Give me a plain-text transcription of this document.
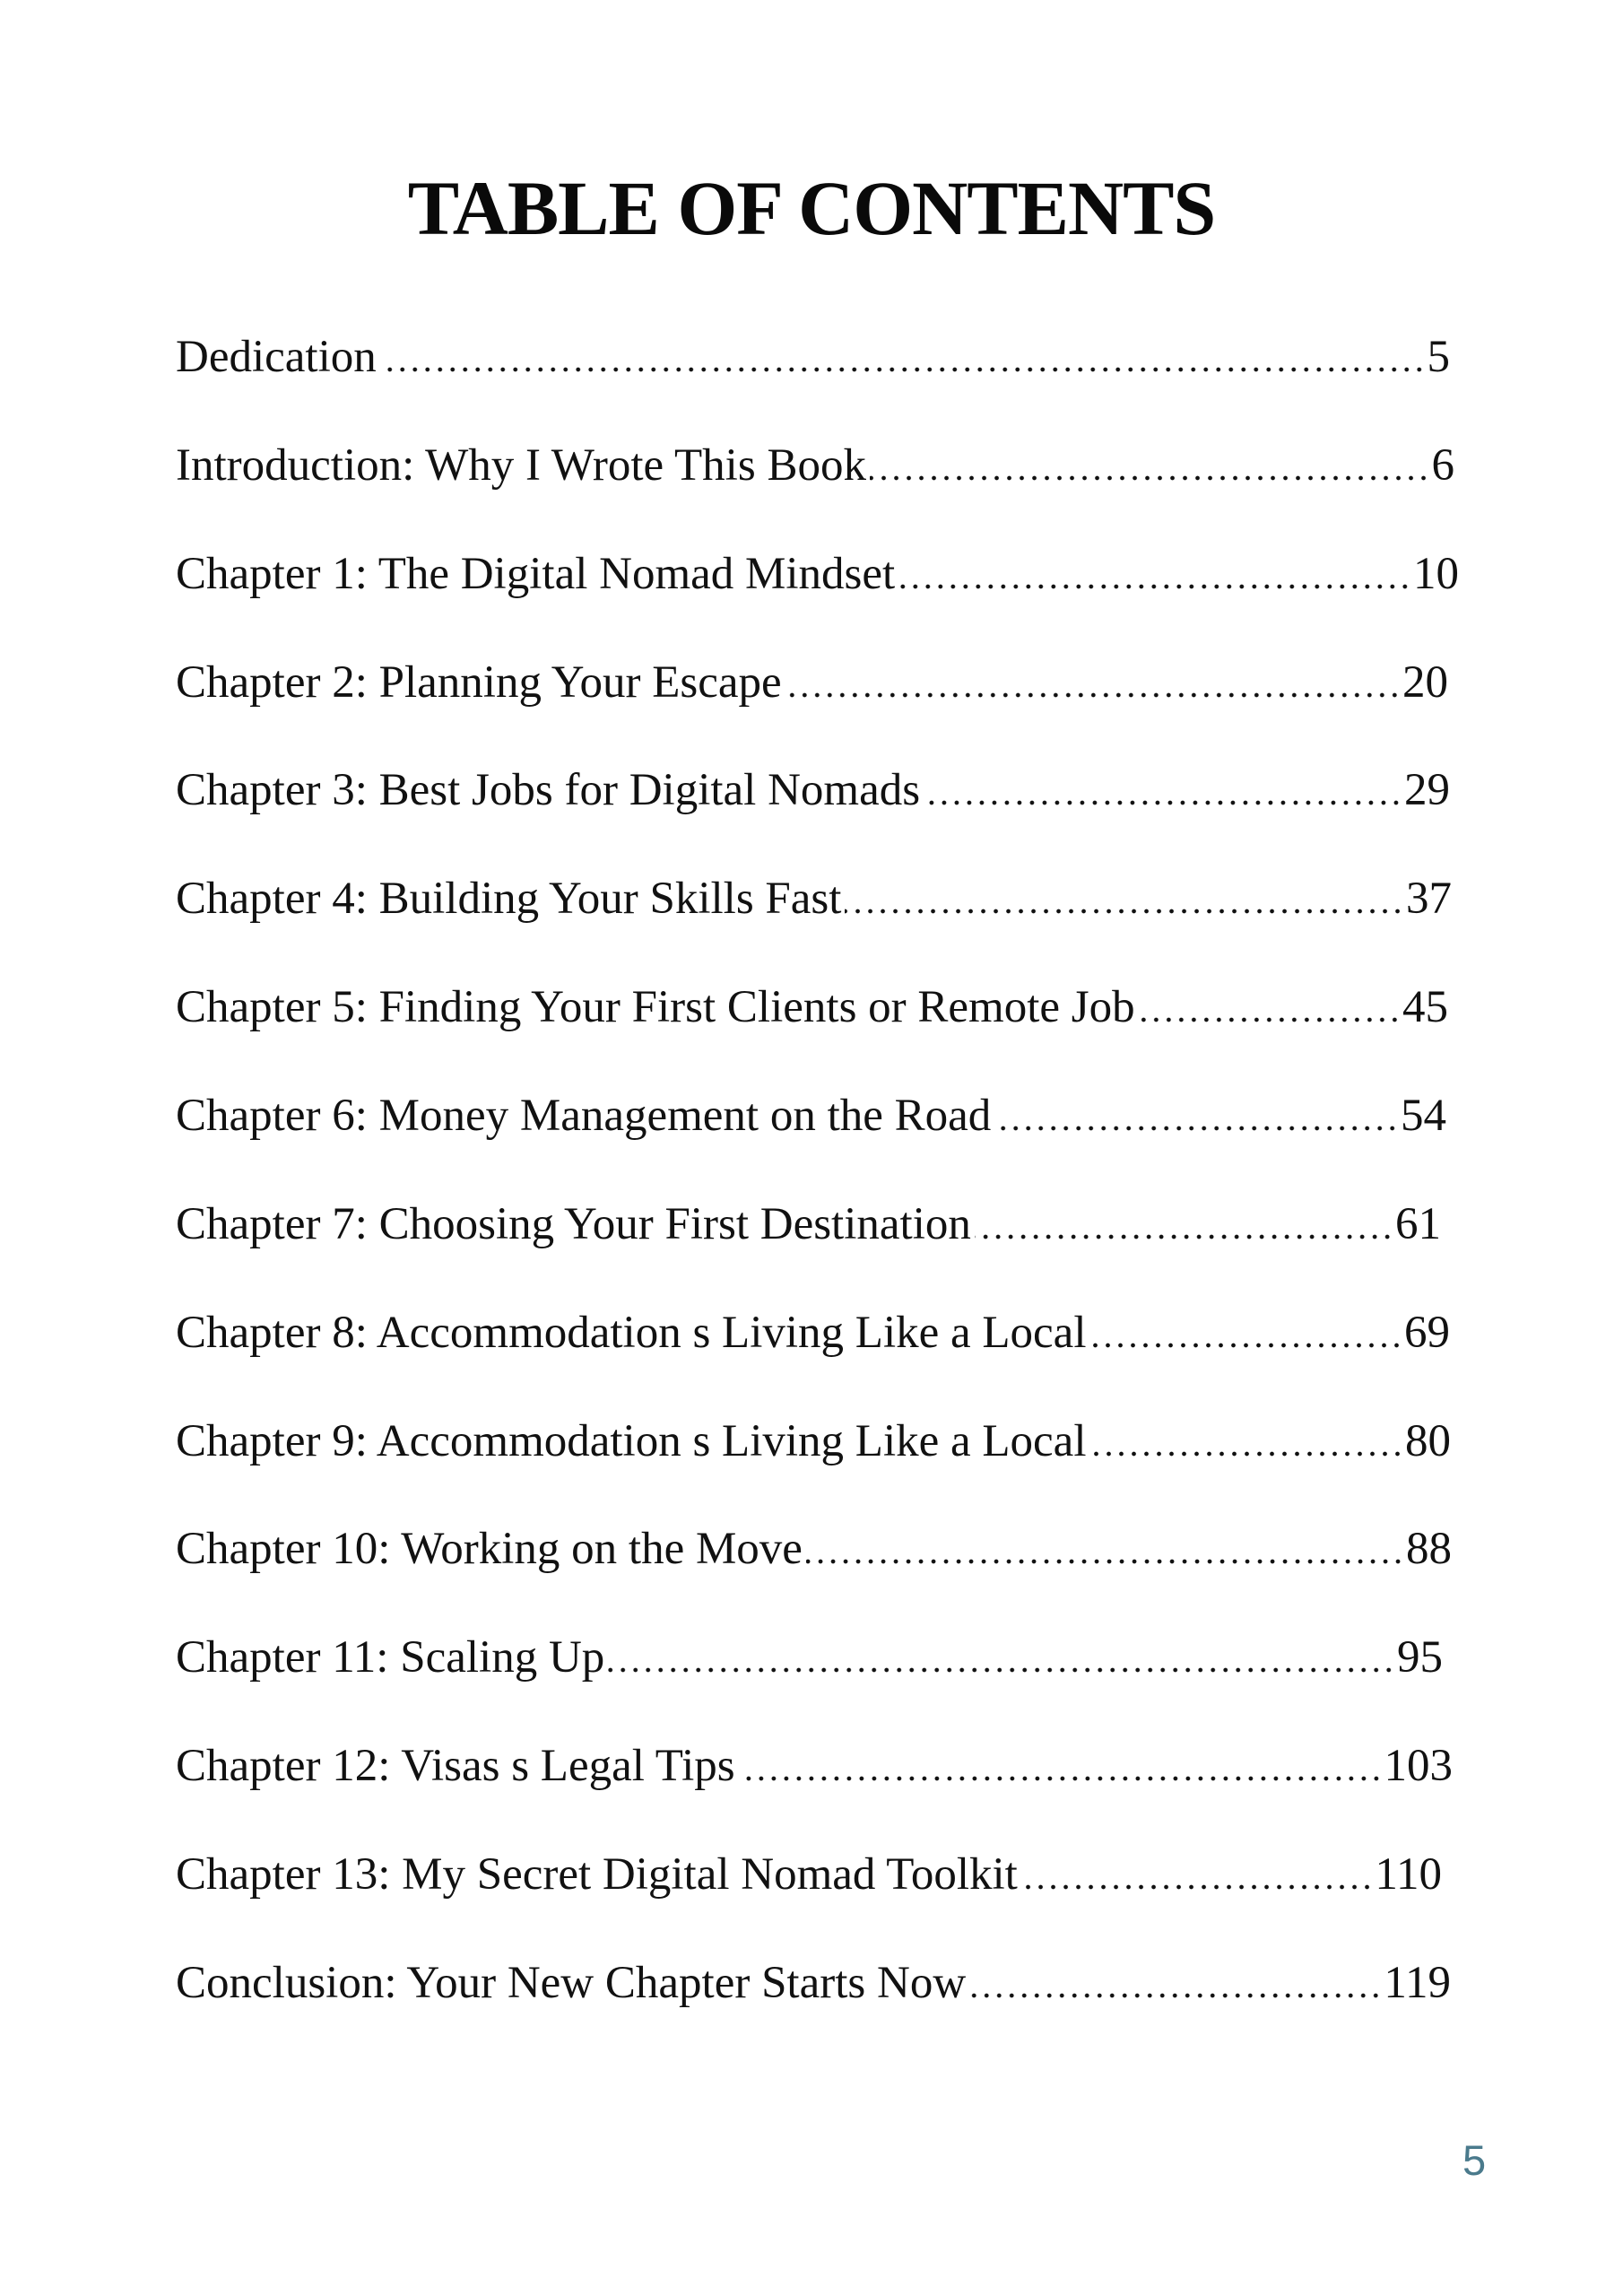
TABLE OF CONTENTS
Dedication	5
Introduction: Why I Wrote This Book	6
Chapter 1: The Digital Nomad Mindset	10
Chapter 2: Planning Your Escape	20
Chapter 3: Best Jobs for Digital Nomads	29
Chapter 4: Building Your Skills Fast	37
Chapter 5: Finding Your First Clients or Remote Job	45
Chapter 6: Money Management on the Road	54
Chapter 7: Choosing Your First Destination	61
Chapter 8: Accommodation s Living Like a Local	69
Chapter 9: Accommodation s Living Like a Local	80
Chapter 10: Working on the Move	88
Chapter 11: Scaling Up	95
Chapter 12: Visas s Legal Tips	103
Chapter 13: My Secret Digital Nomad Toolkit	110
Conclusion: Your New Chapter Starts Now	119
5
